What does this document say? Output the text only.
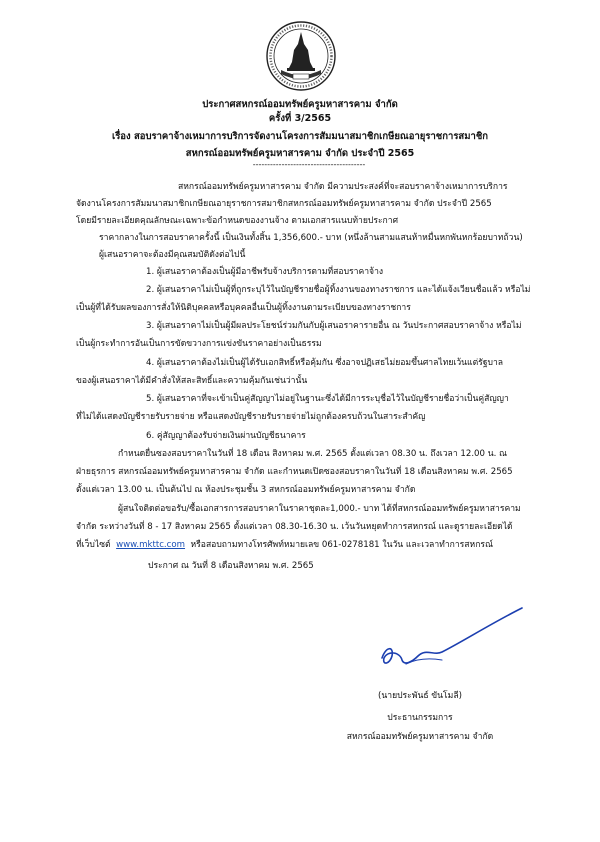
ประกาศสหกรณ์ออมทรัพย์ครูมหาสารคาม จำกัด
ครั้งที่ 3/2565
เรื่อง สอบราคาจ้างเหมาการบริการจัดงานโครงการสัมมนาสมาชิกเกษียณอายุราชการสมาชิก
สหกรณ์ออมทรัพย์ครูมหาสารคาม จำกัด ประจำปี 2565
---------------------------------------
สหกรณ์ออมทรัพย์ครูมหาสารคาม จำกัด มีความประสงค์ที่จะสอบราคาจ้างเหมาการบริการ
จัดงานโครงการสัมมนาสมาชิกเกษียณอายุราชการสมาชิกสหกรณ์ออมทรัพย์ครูมหาสารคาม จำกัด ประจำปี 2565
โดยมีรายละเอียดคุณลักษณะเฉพาะข้อกำหนดของงานจ้าง ตามเอกสารแนบท้ายประกาศ
ราคากลางในการสอบราคาครั้งนี้ เป็นเงินทั้งสิ้น 1,356,600.- บาท (หนึ่งล้านสามแสนห้าหมื่นหกพันหกร้อยบาทถ้วน)
ผู้เสนอราคาจะต้องมีคุณสมบัติดังต่อไปนี้
1. ผู้เสนอราคาต้องเป็นผู้มีอาชีพรับจ้างบริการตามที่สอบราคาจ้าง
2. ผู้เสนอราคาไม่เป็นผู้ที่ถูกระบุไว้ในบัญชีรายชื่อผู้ทิ้งงานของทางราชการ และได้แจ้งเวียนชื่อแล้ว หรือไม่
เป็นผู้ที่ได้รับผลของการสั่งให้นิติบุคคลหรือบุคคลอื่นเป็นผู้ทิ้งงานตามระเบียบของทางราชการ
3. ผู้เสนอราคาไม่เป็นผู้มีผลประโยชน์ร่วมกันกับผู้เสนอราคารายอื่น ณ วันประกาศสอบราคาจ้าง หรือไม่
เป็นผู้กระทำการอันเป็นการขัดขวางการแข่งขันราคาอย่างเป็นธรรม
4. ผู้เสนอราคาต้องไม่เป็นผู้ได้รับเอกสิทธิ์หรือคุ้มกัน ซึ่งอาจปฏิเสธไม่ยอมขึ้นศาลไทยเว้นแต่รัฐบาล
ของผู้เสนอราคาได้มีคำสั่งให้สละสิทธิ์และความคุ้มกันเช่นว่านั้น
5. ผู้เสนอราคาที่จะเข้าเป็นคู่สัญญาไม่อยู่ในฐานะซึ่งได้มีการระบุชื่อไว้ในบัญชีรายชื่อว่าเป็นคู่สัญญา
ที่ไม่ได้แสดงบัญชีรายรับรายจ่าย หรือแสดงบัญชีรายรับรายจ่ายไม่ถูกต้องครบถ้วนในสาระสำคัญ
6. คู่สัญญาต้องรับจ่ายเงินผ่านบัญชีธนาคาร
กำหนดยื่นซองสอบราคาในวันที่ 18 เดือน สิงหาคม พ.ศ. 2565 ตั้งแต่เวลา 08.30 น. ถึงเวลา 12.00 น. ณ
ฝ่ายธุรการ สหกรณ์ออมทรัพย์ครูมหาสารคาม จำกัด และกำหนดเปิดซองสอบราคาในวันที่ 18 เดือนสิงหาคม พ.ศ. 2565
ตั้งแต่เวลา 13.00 น. เป็นต้นไป ณ ห้องประชุมชั้น 3 สหกรณ์ออมทรัพย์ครูมหาสารคาม จำกัด
ผู้สนใจติดต่อขอรับ/ซื้อเอกสารการสอบราคาในราคาชุดละ1,000.- บาท ได้ที่สหกรณ์ออมทรัพย์ครูมหาสารคาม
จำกัด ระหว่างวันที่ 8 - 17 สิงหาคม 2565 ตั้งแต่เวลา 08.30-16.30 น. เว้นวันหยุดทำการสหกรณ์ และดูรายละเอียดได้
ที่เว็บไซต์ www.mkttc.com หรือสอบถามทางโทรศัพท์หมายเลข 061-0278181 ในวัน และเวลาทำการสหกรณ์
ประกาศ ณ วันที่ 8 เดือนสิงหาคม พ.ศ. 2565
(นายประพันธ์ ขันโมลี)
ประธานกรรมการ
สหกรณ์ออมทรัพย์ครูมหาสารคาม จำกัด
